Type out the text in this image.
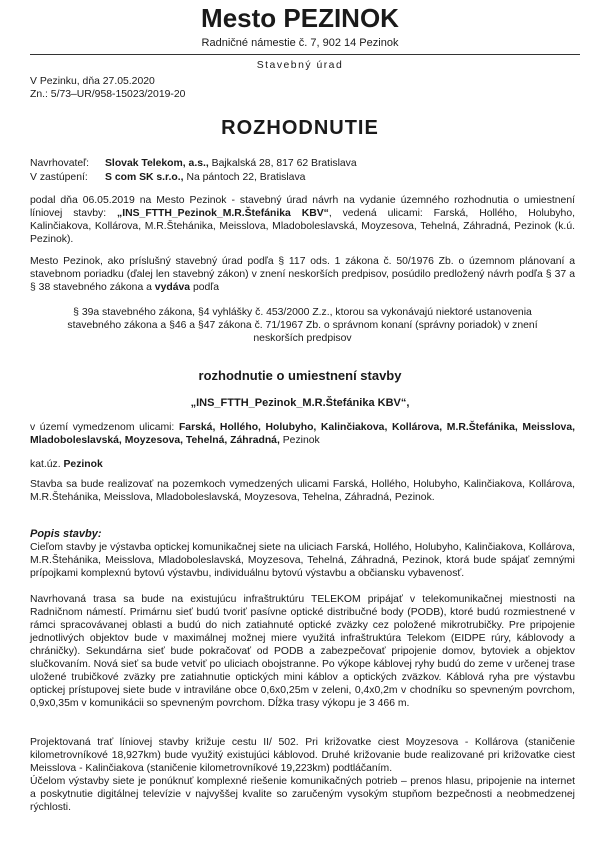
Mesto PEZINOK
Radničné námestie č. 7, 902 14 Pezinok
Stavebný úrad
V Pezinku, dňa 27.05.2020
Zn.: 5/73–UR/958-15023/2019-20
ROZHODNUTIE
Navrhovateľ: Slovak Telekom, a.s., Bajkalská 28, 817 62 Bratislava
V zastúpení: S com SK s.r.o., Na pántoch 22, Bratislava
podal dňa 06.05.2019 na Mesto Pezinok - stavebný úrad návrh na vydanie územného rozhodnutia o umiestnení líniovej stavby: „INS_FTTH_Pezinok_M.R.Štefánika KBV“, vedená ulicami: Farská, Hollého, Holubyho, Kalinčiakova, Kollárova, M.R.Štehánika, Meisslova, Mladoboleslavská, Moyzesova, Tehelná, Záhradná, Pezinok (k.ú. Pezinok).
Mesto Pezinok, ako príslušný stavebný úrad podľa § 117 ods. 1 zákona č. 50/1976 Zb. o územnom plánovaní a stavebnom poriadku (ďalej len stavebný zákon) v znení neskorších predpisov, posúdilo predložený návrh podľa § 37 a § 38 stavebného zákona a vydáva podľa
§ 39a stavebného zákona, §4 vyhlášky č. 453/2000 Z.z., ktorou sa vykonávajú niektoré ustanovenia stavebného zákona a §46 a §47 zákona č. 71/1967 Zb. o správnom konaní (správny poriadok) v znení neskorších predpisov
rozhodnutie o umiestnení stavby
„INS_FTTH_Pezinok_M.R.Štefánika KBV“,
v území vymedzenom ulicami: Farská, Hollého, Holubyho, Kalinčiakova, Kollárova, M.R.Štefánika, Meisslova, Mladoboleslavská, Moyzesova, Tehelná, Záhradná, Pezinok
kat.úz. Pezinok
Stavba sa bude realizovať na pozemkoch vymedzených ulicami Farská, Hollého, Holubyho, Kalinčiakova, Kollárova, M.R.Štehánika, Meisslova, Mladoboleslavská, Moyzesova, Tehelna, Záhradná, Pezinok.
Popis stavby:
Cieľom stavby je výstavba optickej komunikačnej siete na uliciach Farská, Hollého, Holubyho, Kalinčiakova, Kollárova, M.R.Štehánika, Meisslova, Mladoboleslavská, Moyzesova, Tehelná, Záhradná, Pezinok, ktorá bude spájať zemnými prípojkami komplexnú bytovú výstavbu, individuálnu bytovú výstavbu a občiansku vybavenosť.
Navrhovaná trasa sa bude na existujúcu infraštruktúru TELEKOM pripájať v telekomunikačnej miestnosti na Radničnom námestí. Primárnu sieť budú tvoriť pasívne optické distribučné body (PODB), ktoré budú rozmiestnené v rámci spracovávanej oblasti a budú do nich zatiahnuté optické zväzky cez položené mikrotrubičky. Pre pripojenie jednotlivých objektov bude v maximálnej možnej miere využitá infraštruktúra Telekom (EIDPE rúry, káblovody a chráničky). Sekundárna sieť bude pokračovať od PODB a zabezpečovať pripojenie domov, bytoviek a objektov slučkovaním. Nová sieť sa bude vetviť po uliciach obojstranne. Po výkope káblovej ryhy budú do zeme v určenej trase uložené trubičkové zväzky pre zatiahnutie optických mini káblov a optických zväzkov. Káblová ryha pre výstavbu optickej prístupovej siete bude v intraviláne obce 0,6x0,25m v zeleni, 0,4x0,2m v chodníku so spevneným povrchom, 0,9x0,35m v komunikácii so spevneným povrchom. Dĺžka trasy výkopu je 3 466 m.
Projektovaná trať líniovej stavby križuje cestu II/ 502. Pri križovatke ciest Moyzesova - Kollárova (staničenie kilometrovníkové 18,927km) bude využitý existujúci káblovod. Druhé križovanie bude realizované pri križovatke ciest Meisslova - Kalinčiakova (staničenie kilometrovníkové 19,223km) podtláčaním.
Účelom výstavby siete je ponúknuť komplexné riešenie komunikačných potrieb – prenos hlasu, pripojenie na internet a poskytnutie digitálnej televízie v najvyššej kvalite so zaručeným vysokým stupňom bezpečnosti a neobmedzenej rýchlosti.
